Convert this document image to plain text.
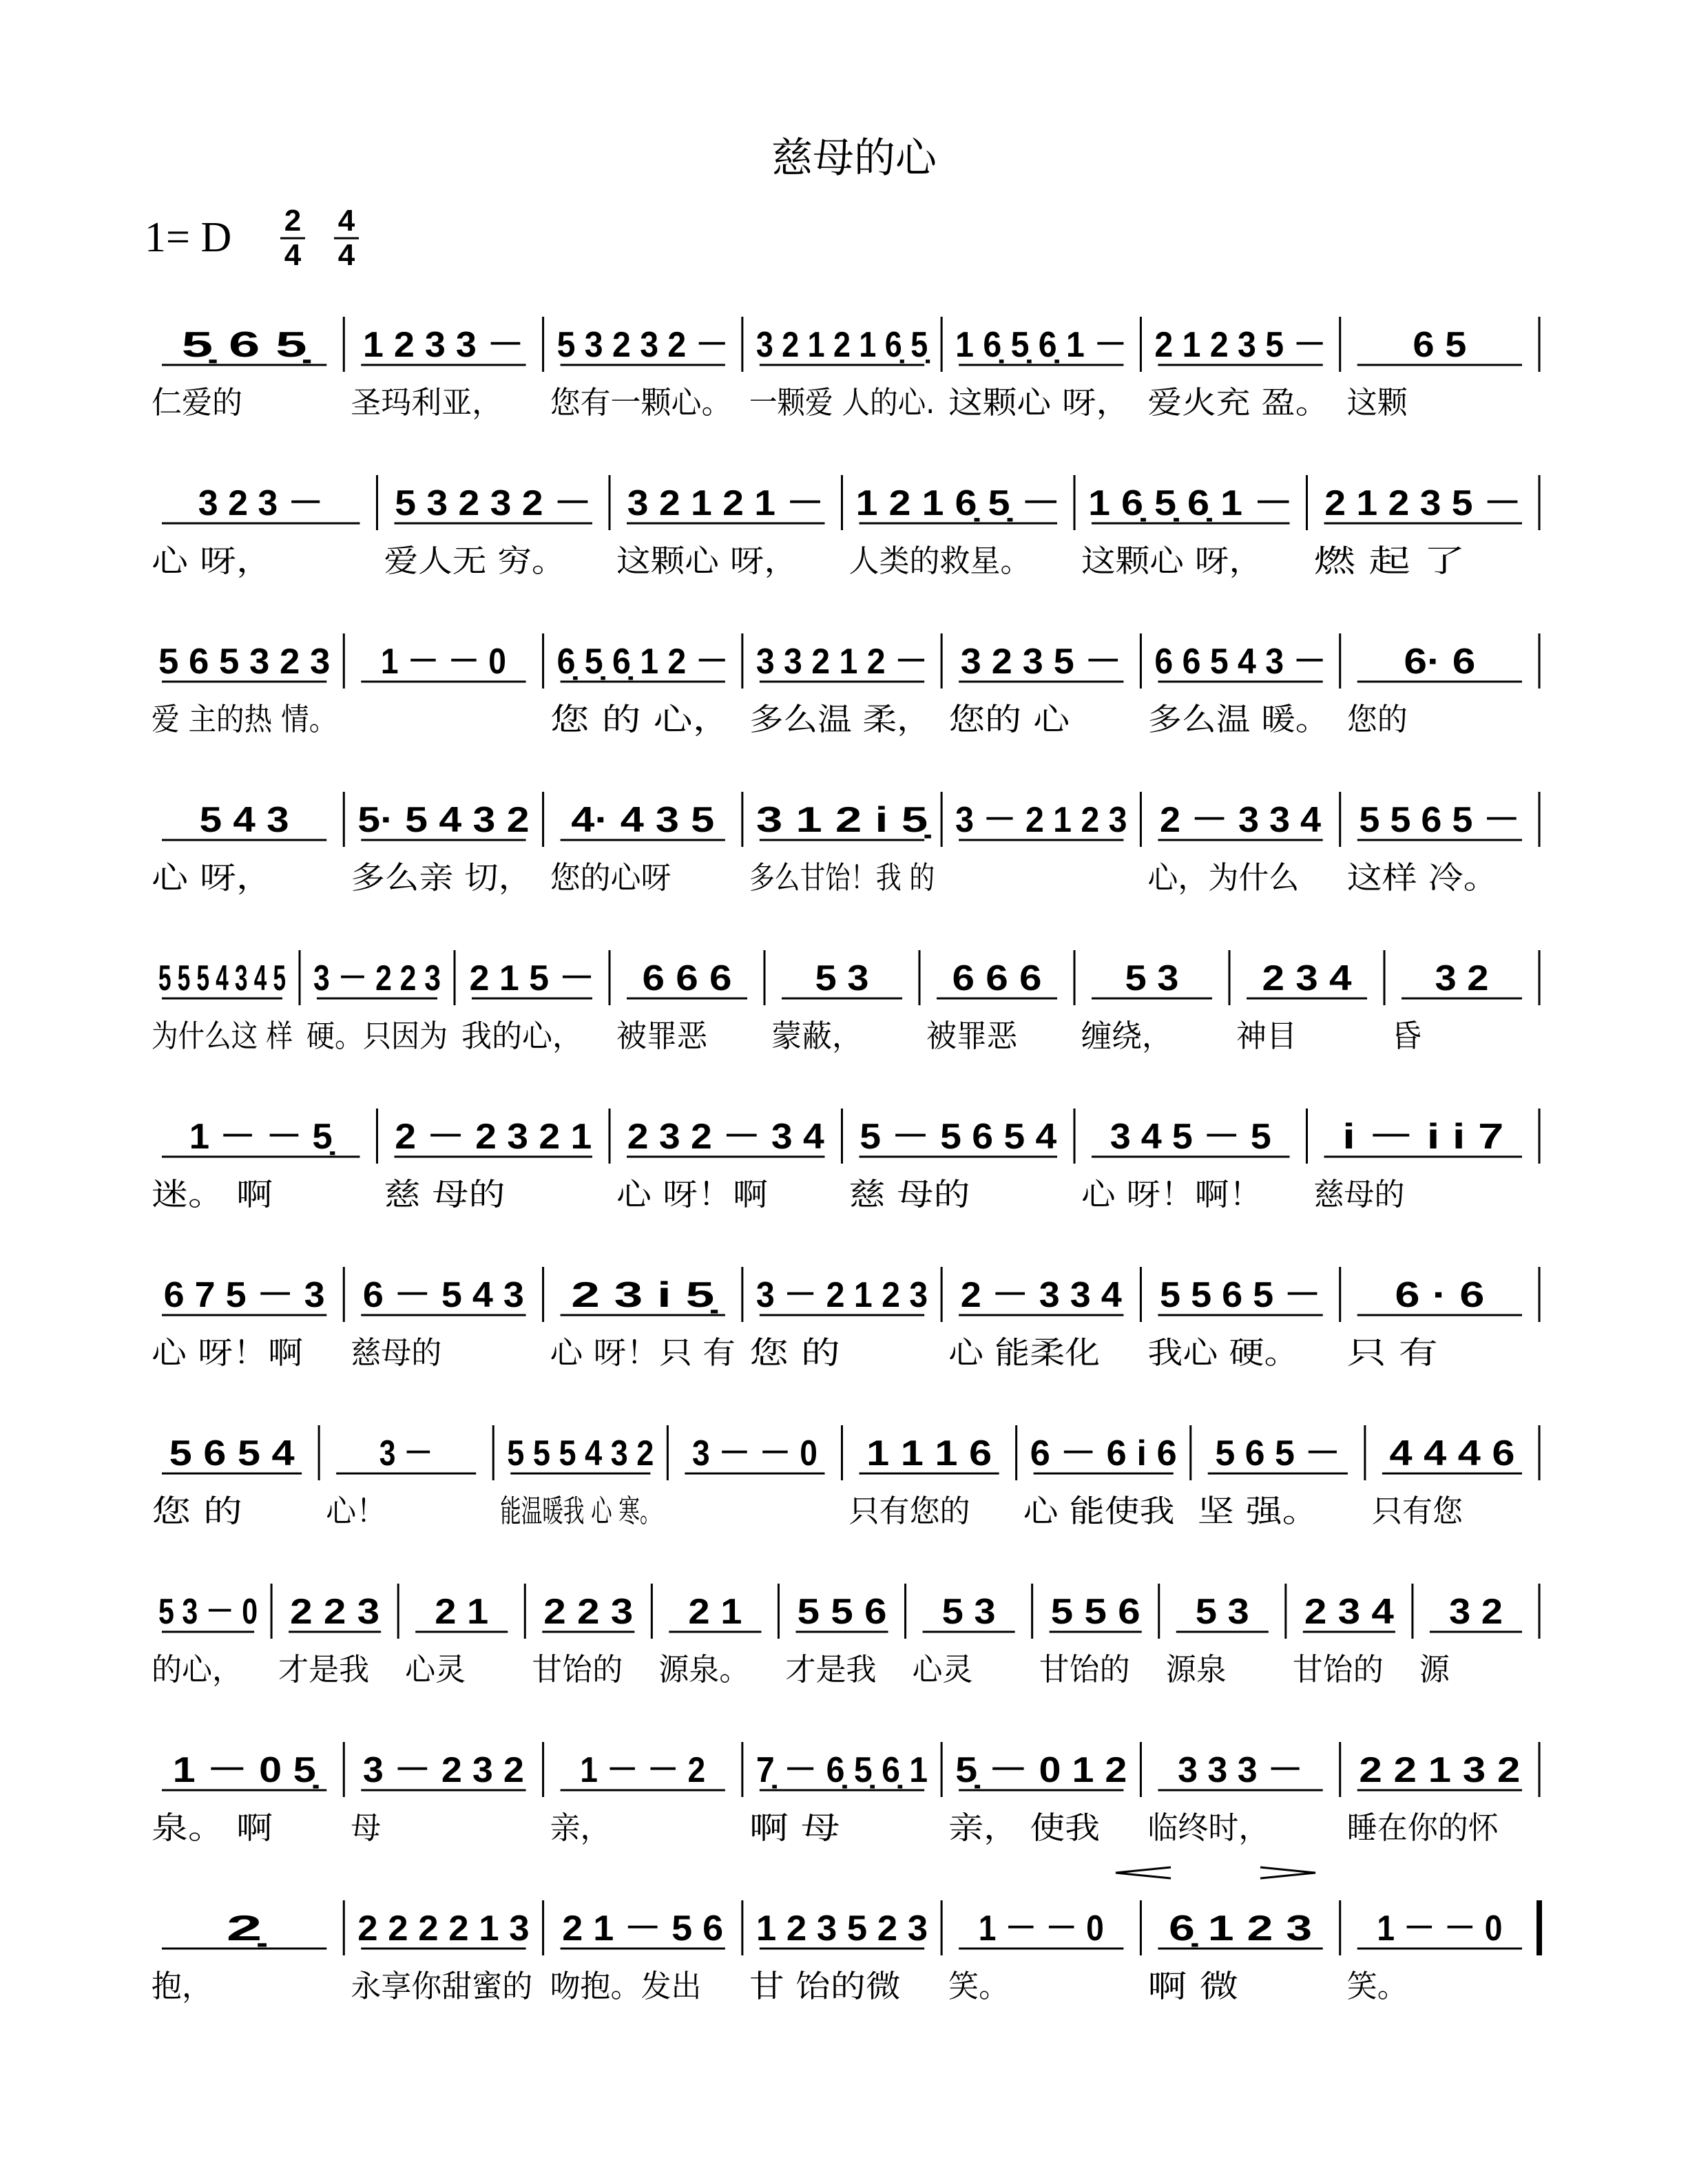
慈母的心
1= D 2
4
4
4
5̣ 6 5̣
仁爱的
1 2 3 3 －
圣玛利亚，
5 3 2 3 2 －
您有一颗心。
3 2 1 2 1 6̣ 5̣
一颗爱 人的心.
1 6̣ 5̣ 6̣ 1 －
这颗心 呀，
2 1 2 3 5 －
爱火充 盈。
6 5
这颗
3 2 3 －
心 呀，
5 3 2 3 2 －
爱人无 穷。
3 2 1 2 1 －
这颗心 呀，
1 2 1 6̣ 5̣ －
人类的救星。
1 6̣ 5̣ 6̣ 1 －
这颗心 呀，
2 1 2 3 5 －
燃 起 了
5 6 5 3 2 3
爱 主的热 情。
1 － － 0 6̣ 5̣ 6̣ 1 2 －
您 的 心，
3 3 2 1 2 －
多么温 柔，
3 2 3 5 －
您的 心
6 6 5 4 3 －
多么温 暖。
6· 6
您的
5 4 3
心 呀，
5· 5 4 3 2
多么亲 切，
4· 4 3 5
您的心呀
3 1 2 i 5̣
多么甘饴！我 的
3 － 2 1 2 3 2 － 3 3 4
心，为什么
5 5 6 5 －
这样 冷。
5 5 5 4 3 4 5
为什么这 样
3 － 2 2 3
硬。只因为
2 1 5 －
我的心，
6 6 6
被罪恶
5 3
蒙蔽，
6 6 6
被罪恶
5 3
缠绕，
2 3 4
神目
3 2
昏
1 － － 5̣
迷。 啊
2 － 2 3 2 1
慈 母的
2 3 2 － 3 4
心 呀！啊
5 － 5 6 5 4
慈 母的
3 4 5 － 5
心 呀！啊！
i － i i 7
慈母的
6 7 5 － 3
心 呀！啊
6 － 5 4 3
慈母的
2 3 i 5̣
心 呀！只 有
3 － 2 1 2 3
您 的
2 － 3 3 4
心 能柔化
5 5 6 5 －
我心 硬。
6 · 6
只 有
5 6 5 4
您 的
3 －
心！
5 5 5 4 3 2
能温暖我 心 寒。
3 － － 0 1 1 1 6
只有您的
6 － 6 i 6
心 能使我
5 6 5 －
坚 强。
4 4 4 6
只有您
5 3 － 0
的心，
2 2 3
才是我
2 1
心灵
2 2 3
甘饴的
2 1
源泉。
5 5 6
才是我
5 3
心灵
5 5 6
甘饴的
5 3
源泉
2 3 4
甘饴的
3 2
源
1 － 0 5̣
泉。 啊
3 － 2 3 2
母
1 － － 2
亲，
7̣ － 6̣ 5̣ 6̣ 1
啊 母
5̣ － 0 1 2
亲， 使我
3 3 3 －
临终时，
2 2 1 3 2
睡在你的怀
2̣
抱，
2 2 2 2 1 3
永享你甜蜜的
2 1 － 5 6
吻抱。发出
1 2 3 5 2 3
甘 饴的微
1 － － 0
笑。
6̣ 1 2 3
啊 微
1 － － 0
笑。
